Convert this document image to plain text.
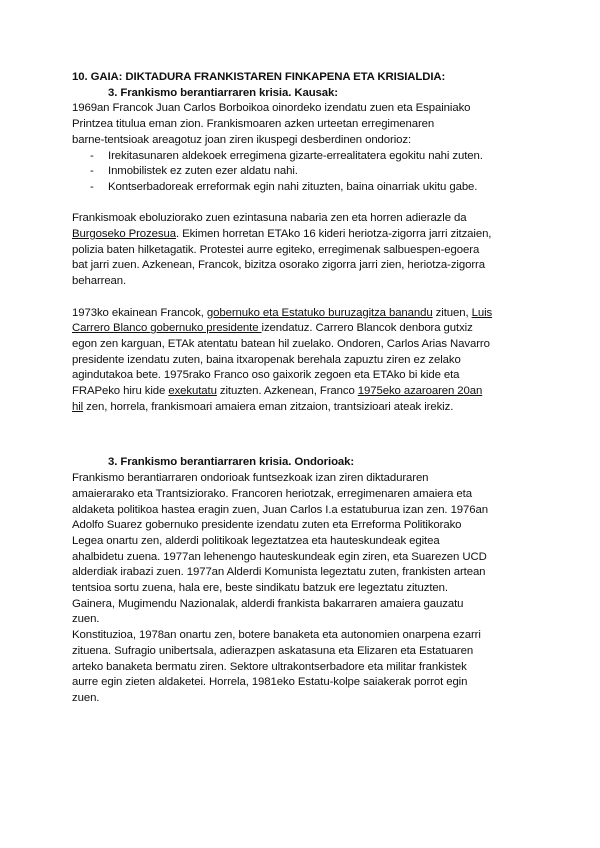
10. GAIA: DIKTADURA FRANKISTAREN FINKAPENA ETA KRISIALDIA:
3. Frankismo berantiarraren krisia. Kausak:
1969an Francok Juan Carlos Borboikoa oinordeko izendatu zuen eta Espainiako
Printzea titulua eman zion. Frankismoaren azken urteetan erregimenaren
barne-tentsioak areagotuz joan ziren ikuspegi desberdinen ondorioz:
- Irekitasunaren aldekoek erregimena gizarte-errealitatera egokitu nahi zuten.
- Inmobilistek ez zuten ezer aldatu nahi.
- Kontserbadoreak erreformak egin nahi zituzten, baina oinarriak ukitu gabe.
Frankismoak eboluziorako zuen ezintasuna nabaria zen eta horren adierazle da
Burgoseko Prozesua. Ekimen horretan ETAko 16 kideri heriotza-zigorra jarri zitzaien,
polizia baten hilketagatik. Protestei aurre egiteko, erregimenak salbuespen-egoera
bat jarri zuen. Azkenean, Francok, bizitza osorako zigorra jarri zien, heriotza-zigorra
beharrean.
1973ko ekainean Francok, gobernuko eta Estatuko buruzagitza banandu zituen, Luis
Carrero Blanco gobernuko presidente izendatuz. Carrero Blancok denbora gutxiz
egon zen karguan, ETAk atentatu batean hil zuelako. Ondoren, Carlos Arias Navarro
presidente izendatu zuten, baina itxaropenak berehala zapuztu ziren ez zelako
agindutakoa bete. 1975rako Franco oso gaixorik zegoen eta ETAko bi kide eta
FRAPeko hiru kide exekutatu zituzten. Azkenean, Franco 1975eko azaroaren 20an
hil zen, horrela, frankismoari amaiera eman zitzaion, trantsizioari ateak irekiz.
3. Frankismo berantiarraren krisia. Ondorioak:
Frankismo berantiarraren ondorioak funtsezkoak izan ziren diktaduraren
amaierarako eta Trantsiziorako. Francoren heriotzak, erregimenaren amaiera eta
aldaketa politikoa hastea eragin zuen, Juan Carlos I.a estatuburua izan zen. 1976an
Adolfo Suarez gobernuko presidente izendatu zuten eta Erreforma Politikorako
Legea onartu zen, alderdi politikoak legeztatzea eta hauteskundeak egitea
ahalbidetu zuena. 1977an lehenengo hauteskundeak egin ziren, eta Suarezen UCD
alderdiak irabazi zuen. 1977an Alderdi Komunista legeztatu zuten, frankisten artean
tentsioa sortu zuena, hala ere, beste sindikatu batzuk ere legeztatu zituzten.
Gainera, Mugimendu Nazionalak, alderdi frankista bakarraren amaiera gauzatu
zuen.
Konstituzioa, 1978an onartu zen, botere banaketa eta autonomien onarpena ezarri
zituena. Sufragio unibertsala, adierazpen askatasuna eta Elizaren eta Estatuaren
arteko banaketa bermatu ziren. Sektore ultrakontserbadore eta militar frankistek
aurre egin zieten aldaketei. Horrela, 1981eko Estatu-kolpe saiakerak porrot egin
zuen.
